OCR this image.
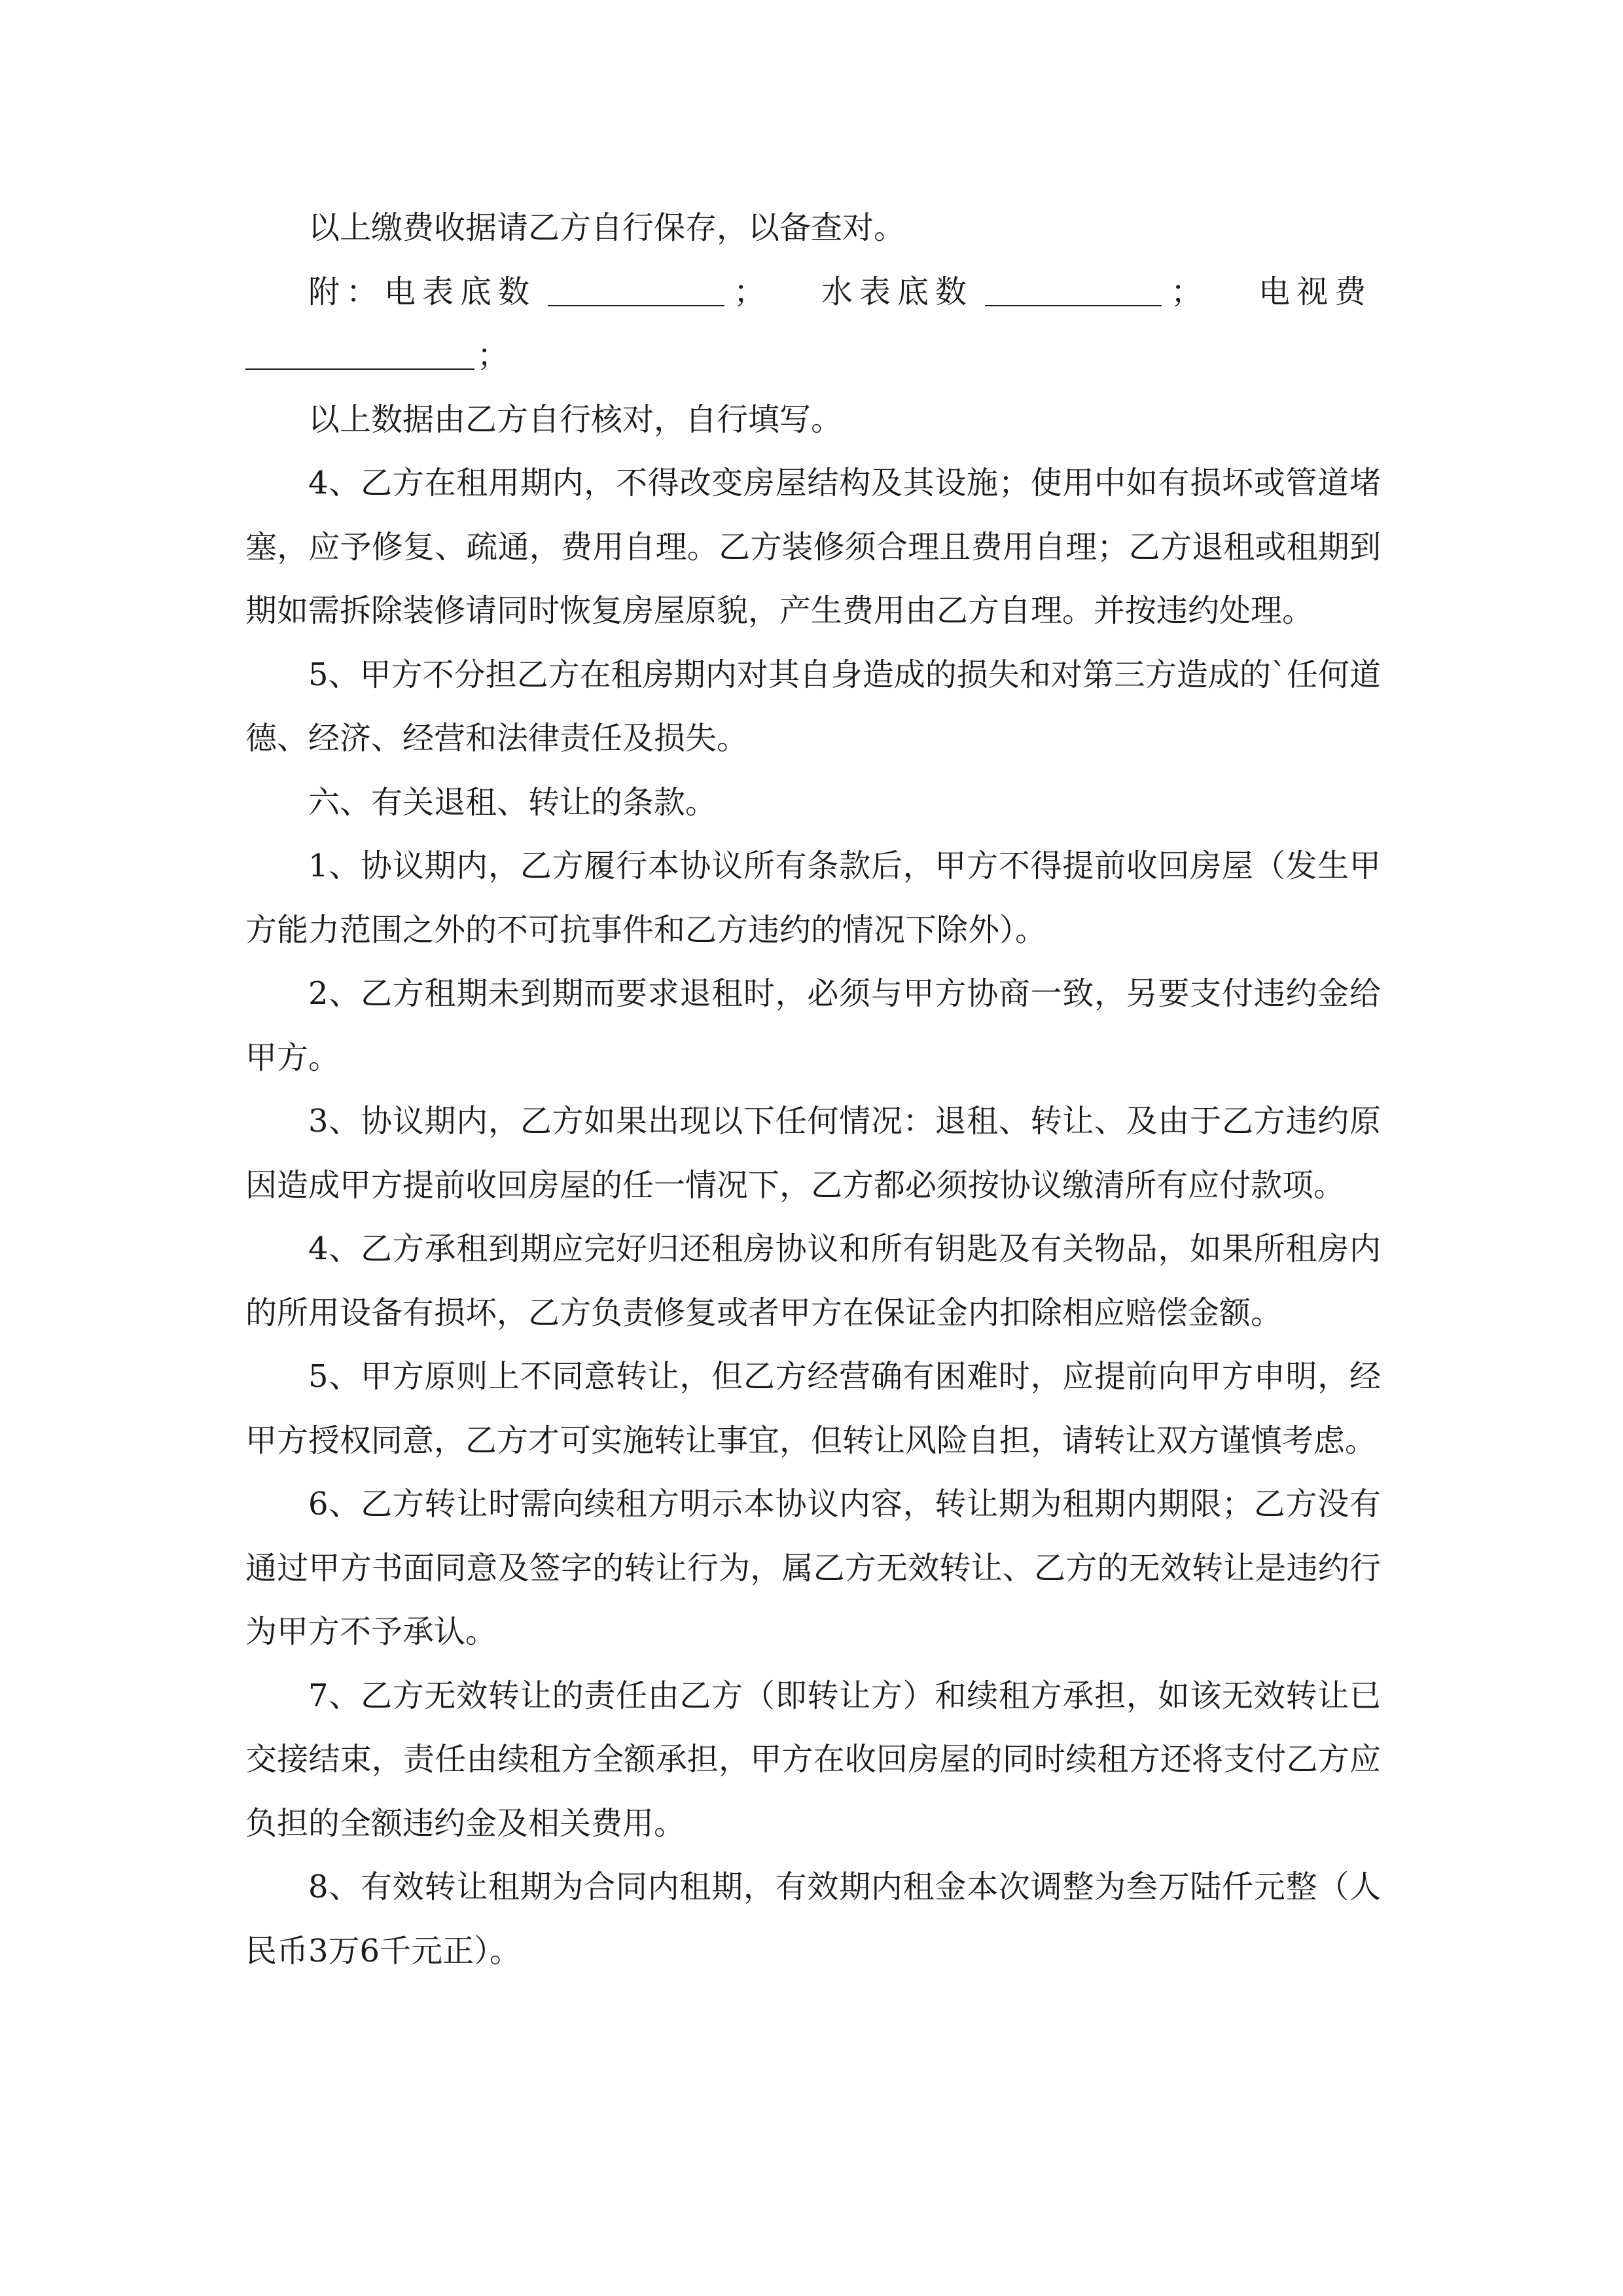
以上缴费收据请乙方自行保存，以备查对。

附：电表底数	； 水表底数	； 电视费

；

以上数据由乙方自行核对，自行填写。

4、乙方在租用期内，不得改变房屋结构及其设施；使用中如有损坏或管道堵塞，应予修复、疏通，费用自理。乙方装修须合理且费用自理；乙方退租或租期到期如需拆除装修请同时恢复房屋原貌，产生费用由乙方自理。并按违约处理。

5、甲方不分担乙方在租房期内对其自身造成的损失和对第三方造成的`任何道德、经济、经营和法律责任及损失。

六、有关退租、转让的条款。

1、协议期内，乙方履行本协议所有条款后，甲方不得提前收回房屋（发生甲方能力范围之外的不可抗事件和乙方违约的情况下除外）。

2、乙方租期未到期而要求退租时，必须与甲方协商一致，另要支付违约金给甲方。

3、协议期内，乙方如果出现以下任何情况：退租、转让、及由于乙方违约原因造成甲方提前收回房屋的任一情况下，乙方都必须按协议缴清所有应付款项。

4、乙方承租到期应完好归还租房协议和所有钥匙及有关物品，如果所租房内的所用设备有损坏，乙方负责修复或者甲方在保证金内扣除相应赔偿金额。

5、甲方原则上不同意转让，但乙方经营确有困难时，应提前向甲方申明，经甲方授权同意，乙方才可实施转让事宜，但转让风险自担，请转让双方谨慎考虑。

6、乙方转让时需向续租方明示本协议内容，转让期为租期内期限；乙方没有通过甲方书面同意及签字的转让行为，属乙方无效转让、乙方的无效转让是违约行为甲方不予承认。

7、乙方无效转让的责任由乙方（即转让方）和续租方承担，如该无效转让已交接结束，责任由续租方全额承担，甲方在收回房屋的同时续租方还将支付乙方应负担的全额违约金及相关费用。

8、有效转让租期为合同内租期，有效期内租金本次调整为叁万陆仟元整（人民币3万6千元正）。
